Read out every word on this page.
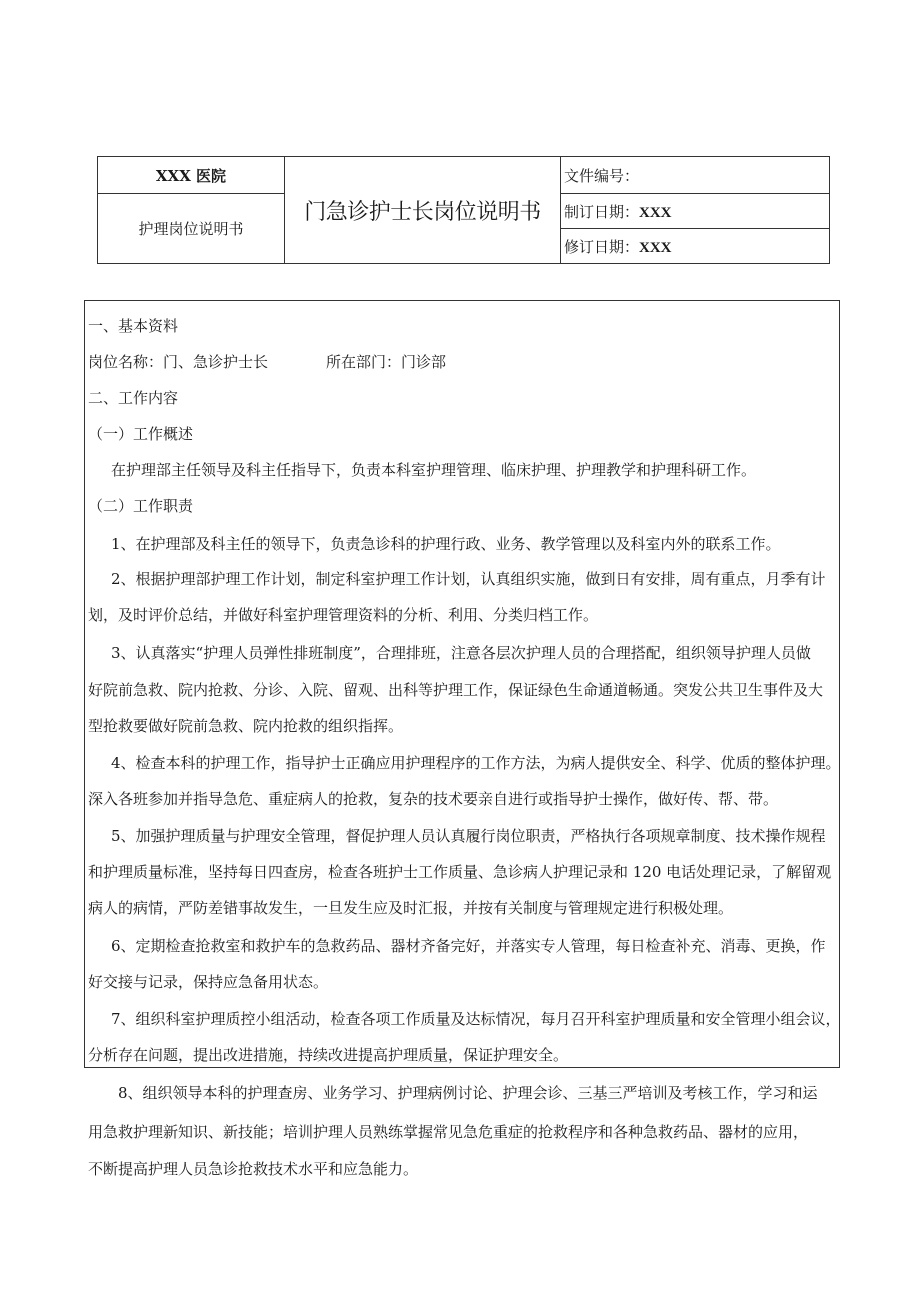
XXX 医院	门急诊护士长岗位说明书	文件编号：
护理岗位说明书		制订日期：XXX
		修订日期：XXX
一、基本资料
岗位名称：门、急诊护士长	所在部门：门诊部
二、工作内容
（一）工作概述
在护理部主任领导及科主任指导下，负责本科室护理管理、临床护理、护理教学和护理科研工作。
（二）工作职责
1、在护理部及科主任的领导下，负责急诊科的护理行政、业务、教学管理以及科室内外的联系工作。
2、根据护理部护理工作计划，制定科室护理工作计划，认真组织实施，做到日有安排，周有重点，月季有计
划，及时评价总结，并做好科室护理管理资料的分析、利用、分类归档工作。
3、认真落实“护理人员弹性排班制度”，合理排班，注意各层次护理人员的合理搭配，组织领导护理人员做
好院前急救、院内抢救、分诊、入院、留观、出科等护理工作，保证绿色生命通道畅通。突发公共卫生事件及大
型抢救要做好院前急救、院内抢救的组织指挥。
4、检查本科的护理工作，指导护士正确应用护理程序的工作方法，为病人提供安全、科学、优质的整体护理。
深入各班参加并指导急危、重症病人的抢救，复杂的技术要亲自进行或指导护士操作，做好传、帮、带。
5、加强护理质量与护理安全管理，督促护理人员认真履行岗位职责，严格执行各项规章制度、技术操作规程
和护理质量标准，坚持每日四查房，检查各班护士工作质量、急诊病人护理记录和 120 电话处理记录，了解留观
病人的病情，严防差错事故发生，一旦发生应及时汇报，并按有关制度与管理规定进行积极处理。
6、定期检查抢救室和救护车的急救药品、器材齐备完好，并落实专人管理，每日检查补充、消毒、更换，作
好交接与记录，保持应急备用状态。
7、组织科室护理质控小组活动，检查各项工作质量及达标情况，每月召开科室护理质量和安全管理小组会议，
分析存在问题，提出改进措施，持续改进提高护理质量，保证护理安全。
8、组织领导本科的护理查房、业务学习、护理病例讨论、护理会诊、三基三严培训及考核工作，学习和运
用急救护理新知识、新技能；培训护理人员熟练掌握常见急危重症的抢救程序和各种急救药品、器材的应用，
不断提高护理人员急诊抢救技术水平和应急能力。
